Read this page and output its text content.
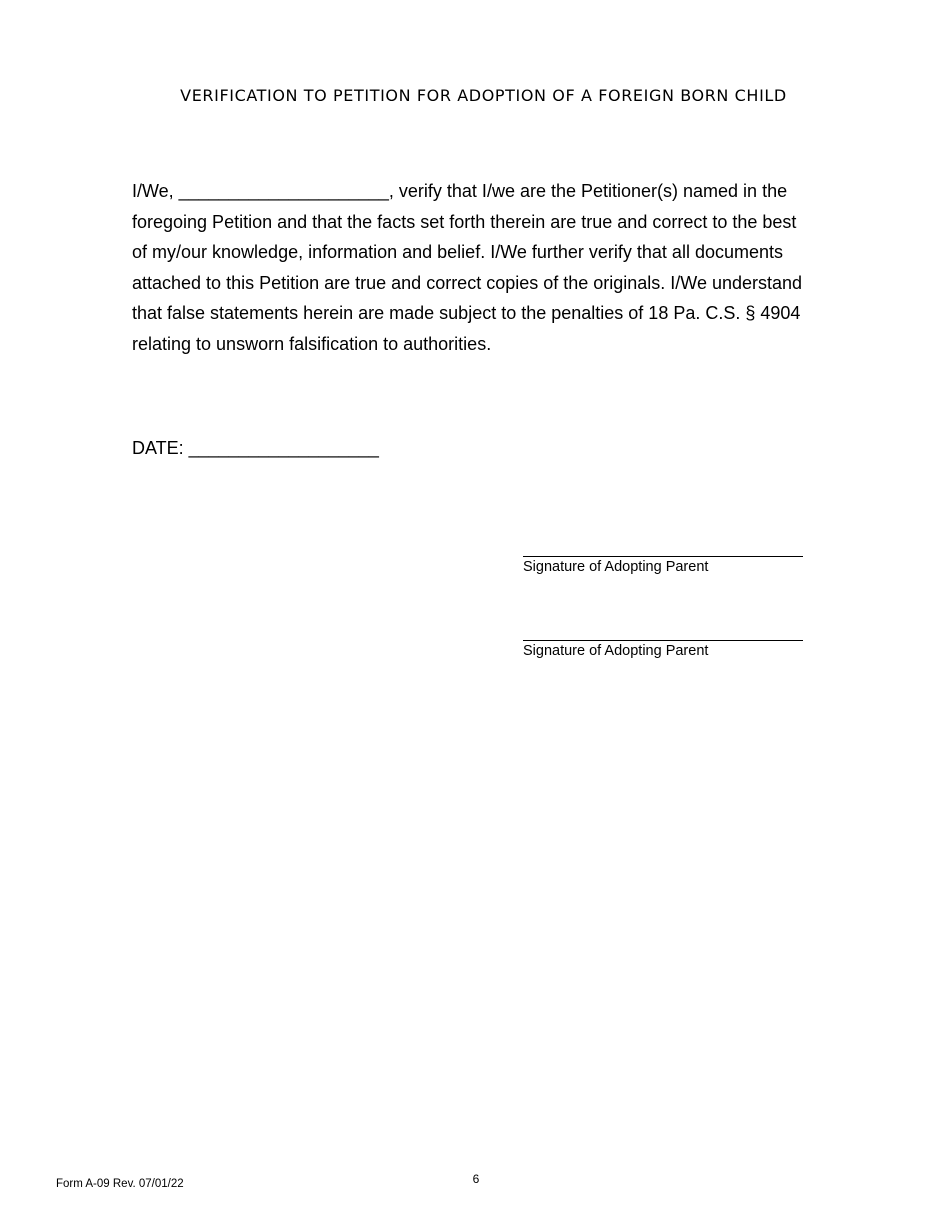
VERIFICATION TO PETITION FOR ADOPTION OF A FOREIGN BORN CHILD
I/We, _____________________, verify that I/we are the Petitioner(s) named in the
foregoing Petition and that the facts set forth therein are true and correct to the best
of my/our knowledge, information and belief. I/We further verify that all documents
attached to this Petition are true and correct copies of the originals. I/We understand
that false statements herein are made subject to the penalties of 18 Pa. C.S. § 4904
relating to unsworn falsification to authorities.
DATE: ___________________
Signature of Adopting Parent
Signature of Adopting Parent
Form A-09 Rev. 07/01/22	6
